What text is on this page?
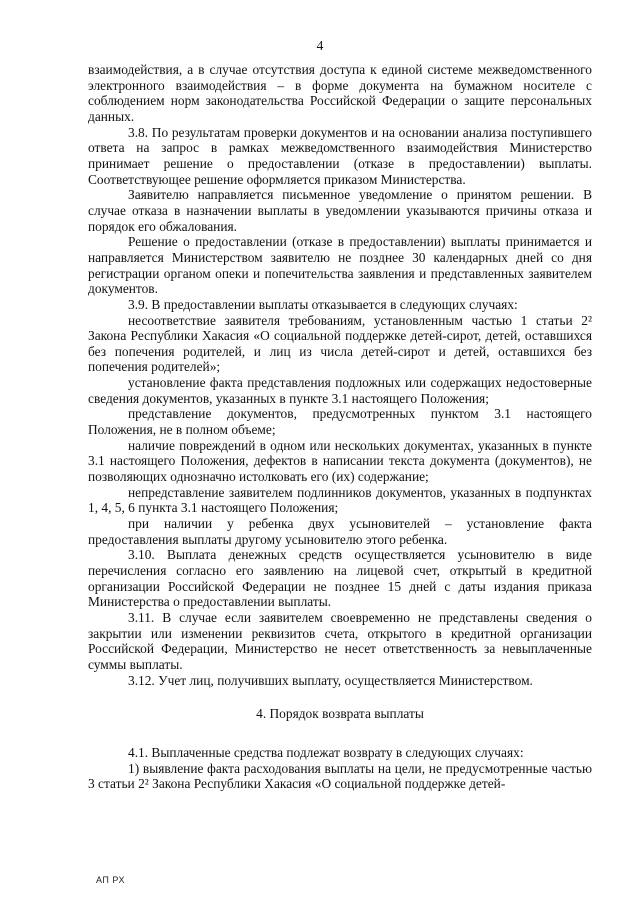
4

взаимодействия, а в случае отсутствия доступа к единой системе межведомственного электронного взаимодействия – в форме документа на бумажном носителе с соблюдением норм законодательства Российской Федерации о защите персональных данных.

3.8. По результатам проверки документов и на основании анализа поступившего ответа на запрос в рамках межведомственного взаимодействия Министерство принимает решение о предоставлении (отказе в предоставлении) выплаты. Соответствующее решение оформляется приказом Министерства.

Заявителю направляется письменное уведомление о принятом решении. В случае отказа в назначении выплаты в уведомлении указываются причины отказа и порядок его обжалования.

Решение о предоставлении (отказе в предоставлении) выплаты принимается и направляется Министерством заявителю не позднее 30 календарных дней со дня регистрации органом опеки и попечительства заявления и представленных заявителем документов.

3.9. В предоставлении выплаты отказывается в следующих случаях:

несоответствие заявителя требованиям, установленным частью 1 статьи 2² Закона Республики Хакасия «О социальной поддержке детей-сирот, детей, оставшихся без попечения родителей, и лиц из числа детей-сирот и детей, оставшихся без попечения родителей»;

установление факта представления подложных или содержащих недостоверные сведения документов, указанных в пункте 3.1 настоящего Положения;

представление документов, предусмотренных пунктом 3.1 настоящего Положения, не в полном объеме;

наличие повреждений в одном или нескольких документах, указанных в пункте 3.1 настоящего Положения, дефектов в написании текста документа (документов), не позволяющих однозначно истолковать его (их) содержание;

непредставление заявителем подлинников документов, указанных в подпунктах 1, 4, 5, 6 пункта 3.1 настоящего Положения;

при наличии у ребенка двух усыновителей – установление факта предоставления выплаты другому усыновителю этого ребенка.

3.10. Выплата денежных средств осуществляется усыновителю в виде перечисления согласно его заявлению на лицевой счет, открытый в кредитной организации Российской Федерации не позднее 15 дней с даты издания приказа Министерства о предоставлении выплаты.

3.11. В случае если заявителем своевременно не представлены сведения о закрытии или изменении реквизитов счета, открытого в кредитной организации Российской Федерации, Министерство не несет ответственность за невыплаченные суммы выплаты.

3.12. Учет лиц, получивших выплату, осуществляется Министерством.

4. Порядок возврата выплаты

4.1. Выплаченные средства подлежат возврату в следующих случаях:

1) выявление факта расходования выплаты на цели, не предусмотренные частью 3 статьи 2² Закона Республики Хакасия «О социальной поддержке детей-

АП РХ
